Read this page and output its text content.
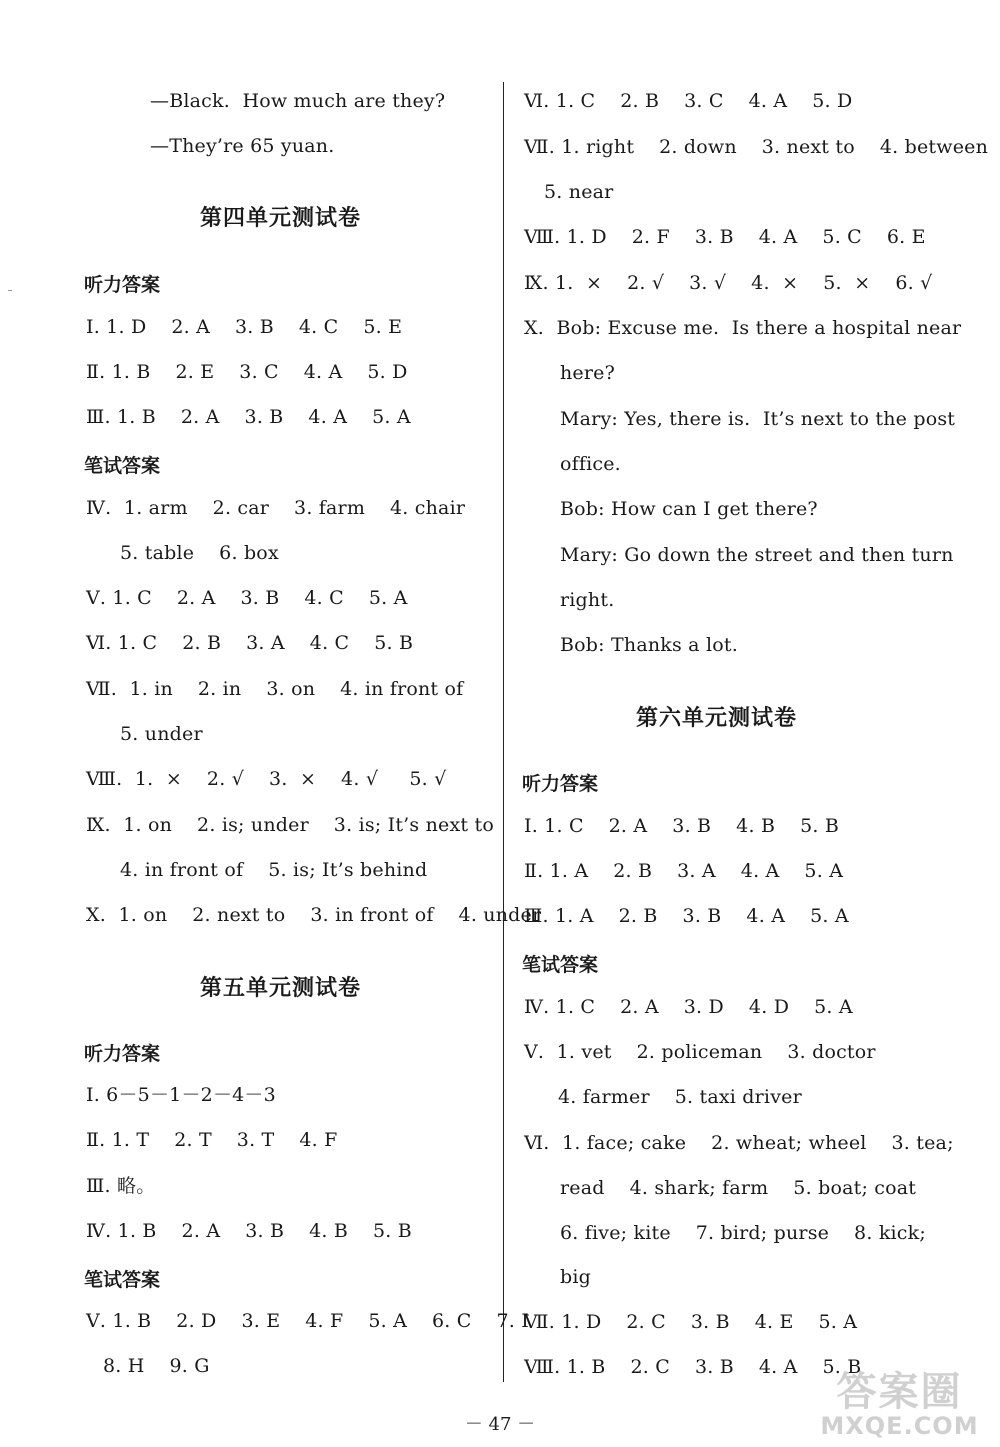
—Black.  How much are they?
—They’re 65 yuan.
第四单元测试卷
听力答案
Ⅰ. 1. D    2. A    3. B    4. C    5. E
Ⅱ. 1. B    2. E    3. C    4. A    5. D
Ⅲ. 1. B    2. A    3. B    4. A    5. A
笔试答案
Ⅳ.  1. arm    2. car    3. farm    4. chair
5. table    6. box
Ⅴ. 1. C    2. A    3. B    4. C    5. A
Ⅵ. 1. C    2. B    3. A    4. C    5. B
Ⅶ.  1. in    2. in    3. on    4. in front of
5. under
Ⅷ.  1.  ×    2. √    3.  ×    4. √     5. √
Ⅸ.  1. on    2. is; under    3. is; It’s next to
4. in front of    5. is; It’s behind
Ⅹ.  1. on    2. next to    3. in front of    4. under
第五单元测试卷
听力答案
Ⅰ. 6－5－1－2－4－3
Ⅱ. 1. T    2. T    3. T    4. F
Ⅲ. 略。
Ⅳ. 1. B    2. A    3. B    4. B    5. B
笔试答案
Ⅴ. 1. B    2. D    3. E    4. F    5. A    6. C    7. I
8. H    9. G
Ⅵ. 1. C    2. B    3. C    4. A    5. D
Ⅶ. 1. right    2. down    3. next to    4. between
5. near
Ⅷ. 1. D    2. F    3. B    4. A    5. C    6. E
Ⅸ. 1.  ×    2. √    3. √    4.  ×    5.  ×    6. √
Ⅹ.  Bob: Excuse me.  Is there a hospital near
here?
Mary: Yes, there is.  It’s next to the post
office.
Bob: How can I get there?
Mary: Go down the street and then turn
right.
Bob: Thanks a lot.
第六单元测试卷
听力答案
Ⅰ. 1. C    2. A    3. B    4. B    5. B
Ⅱ. 1. A    2. B    3. A    4. A    5. A
Ⅲ. 1. A    2. B    3. B    4. A    5. A
笔试答案
Ⅳ. 1. C    2. A    3. D    4. D    5. A
Ⅴ.  1. vet    2. policeman    3. doctor
4. farmer    5. taxi driver
Ⅵ.  1. face; cake    2. wheat; wheel    3. tea;
read    4. shark; farm    5. boat; coat
6. five; kite    7. bird; purse    8. kick;
big
Ⅶ. 1. D    2. C    3. B    4. E    5. A
Ⅷ. 1. B    2. C    3. B    4. A    5. B
－ 47 －
答案圈
MXQE.COM
